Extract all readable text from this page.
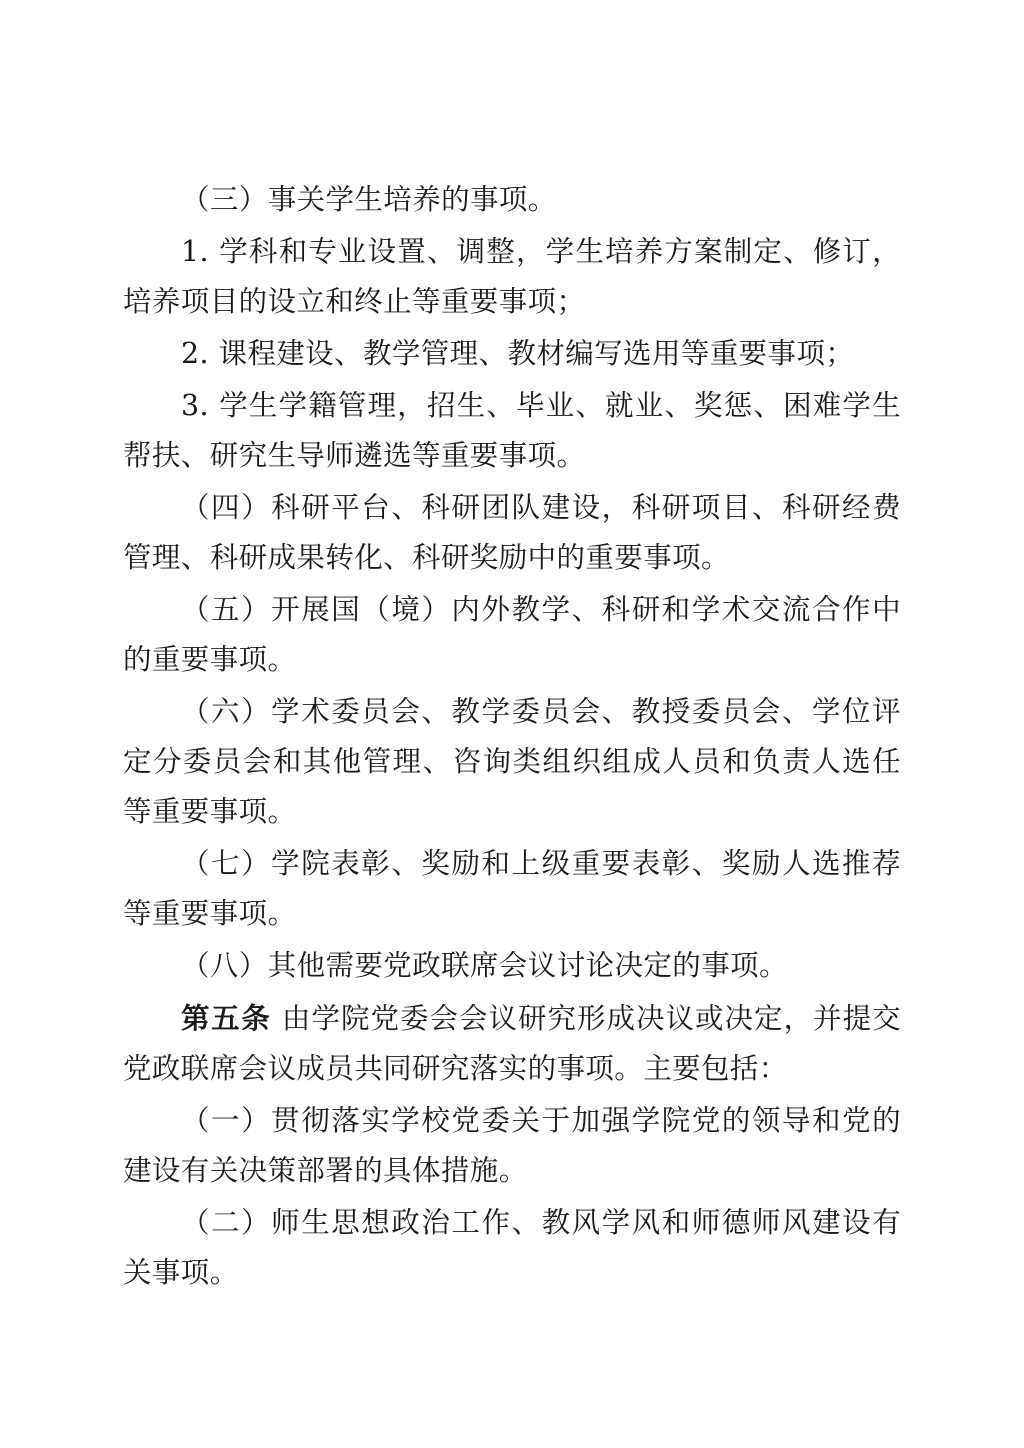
（三）事关学生培养的事项。

1. 学科和专业设置、调整，学生培养方案制定、修订，培养项目的设立和终止等重要事项；

2. 课程建设、教学管理、教材编写选用等重要事项；

3. 学生学籍管理，招生、毕业、就业、奖惩、困难学生帮扶、研究生导师遴选等重要事项。

（四）科研平台、科研团队建设，科研项目、科研经费管理、科研成果转化、科研奖励中的重要事项。

（五）开展国（境）内外教学、科研和学术交流合作中的重要事项。

（六）学术委员会、教学委员会、教授委员会、学位评定分委员会和其他管理、咨询类组织组成人员和负责人选任等重要事项。

（七）学院表彰、奖励和上级重要表彰、奖励人选推荐等重要事项。

（八）其他需要党政联席会议讨论决定的事项。

第五条 由学院党委会会议研究形成决议或决定，并提交党政联席会议成员共同研究落实的事项。主要包括：

（一）贯彻落实学校党委关于加强学院党的领导和党的建设有关决策部署的具体措施。

（二）师生思想政治工作、教风学风和师德师风建设有关事项。
